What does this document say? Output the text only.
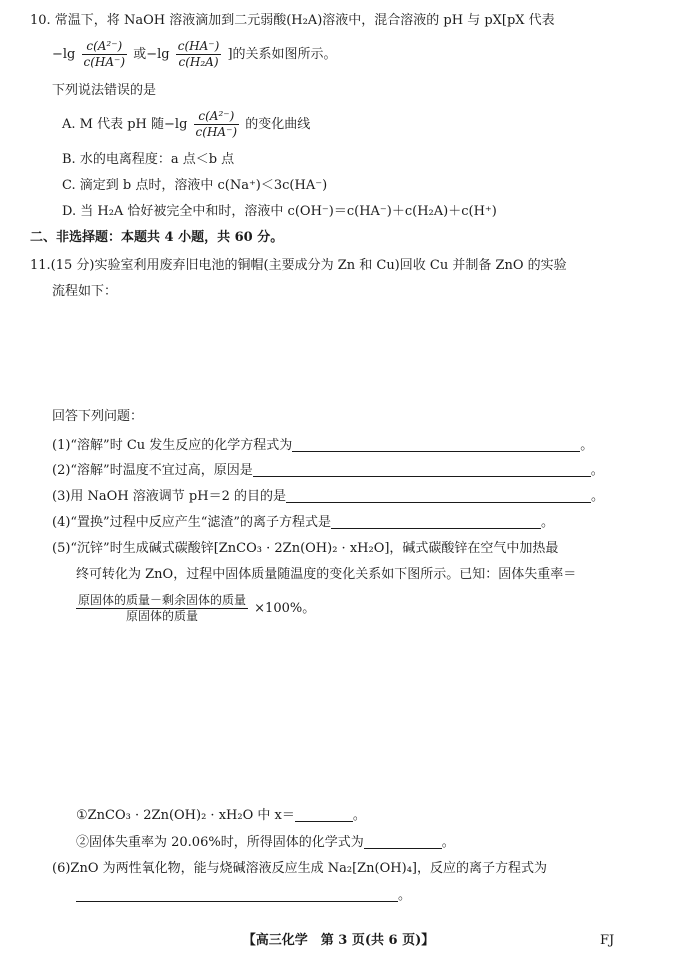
10. 常温下，将 NaOH 溶液滴加到二元弱酸(H₂A)溶液中，混合溶液的 pH 与 pX[pX 代表
$-\lg \frac{\text{c(A²⁻)}}{c(HA^-)}$ 或$-\lg \frac{c(HA^-)}{\text{c(H₂A)}}$ ]的关系如图所示。
下列说法错误的是
A. M 代表 pH 随$-\lg \frac{\text{c(A²⁻)}}{c(HA^-)}$ 的变化曲线
B. 水的电离程度：a 点＜b 点
C. 滴定到 b 点时，溶液中 c(Na⁺)＜3c(HA⁻)
D. 当 H₂A 恰好被完全中和时，溶液中 c(OH⁻)＝c(HA⁻)＋c(H₂A)＋c(H⁺)
二、非选择题：本题共 4 小题，共 60 分。
11.(15 分)实验室利用废弃旧电池的铜帽(主要成分为 Zn 和 Cu)回收 Cu 并制备 ZnO 的实验
流程如下：
回答下列问题：
(1)“溶解”时 Cu 发生反应的化学方程式为	。
(2)“溶解”时温度不宜过高，原因是	。
(3)用 NaOH 溶液调节 pH＝2 的目的是	。
(4)“置换”过程中反应产生“滤渣”的离子方程式是	。
(5)“沉锌”时生成碱式碳酸锌[ZnCO₃ · 2Zn(OH)₂ · xH₂O]，碱式碳酸锌在空气中加热最
终可转化为 ZnO，过程中固体质量随温度的变化关系如下图所示。已知：固体失重率＝
$\frac{\text{原固体的质量－剩余固体的质量}}{\text{原固体的质量}} \times 100\%$。
①ZnCO₃ · 2Zn(OH)₂ · xH₂O 中 x＝	。
②固体失重率为 20.06%时，所得固体的化学式为	。
(6)ZnO 为两性氧化物，能与烧碱溶液反应生成 Na₂[Zn(OH)₄]，反应的离子方程式为
。
【高三化学　第 3 页(共 6 页)】	FJ
